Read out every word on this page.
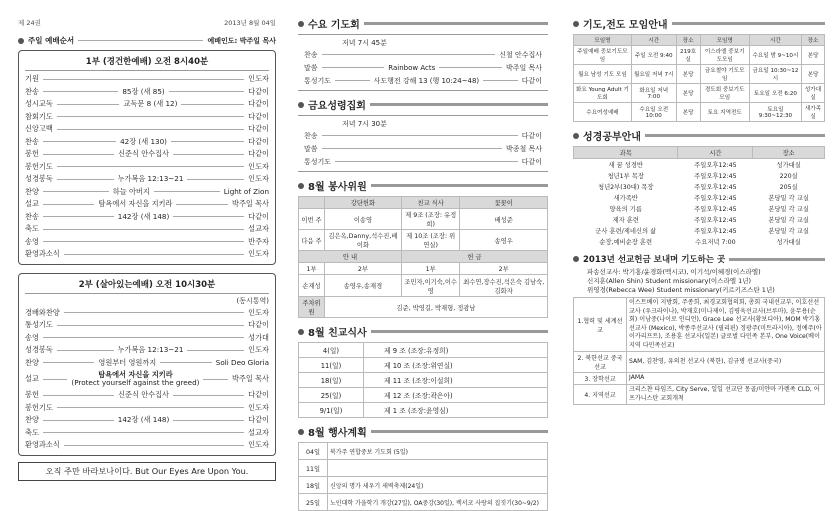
제 24권	2013년 8월 04일
주일 예배순서	예배인도: 박주일 목사
1부 (경건한예배) 오전 8시40분
기원	인도자
찬송	85장 (새 85)	다같이
성시교독	교독문 8 (새 12)	다같이
참회기도	다같이
신앙고백	다같이
찬송	42장 (새 130)	다같이
봉헌	신준식 안수집사	다같이
봉헌기도	인도자
성경봉독	누가복음 12:13~21	인도자
찬양	하늘 아버지	Light of Zion
설교	탐욕에서 자신을 지키라	박주일 목사
찬송	142장 (새 148)	다같이
축도	설교자
송영	반주자
환영과소식	인도자
2부 (살아있는예배) 오전 10시30분
(동시통역)
경배와찬양	인도자
통성기도	다같이
송영	성가대
성경봉독	누가복음 12:13~21	인도자
찬양	영원부터 영원까지	Soli Deo Gloria
설교	탐욕에서 자신을 지키라
(Protect yourself against the greed)	박주일 목사
봉헌	신준식 안수집사	다같이
봉헌기도	인도자
찬양	142장 (새 148)	다같이
축도	설교자
환영과소식	인도자
오직 주만 바라보나이다. But Our Eyes Are Upon You.
수요 기도회
저녁 7시 45분
찬송	신철 안수집사
말씀	Rainbow Acts	박주일 목사
통성기도	사도행전 강해 13 (행 10:24~48)	다같이
금요성령집회
저녁 7시 30분
찬송	다같이
말씀	박종철 목사
통성기도	다같이
8월 봉사위원
	강단헌화	친교 식사	꽃꽂이
이번 주	이송영	제 9조 (조장: 유정희)	배성준
다음 주	김은옥,Danny,석수진,배이화	제 10조 (조장: 위연실)	송영우
안 내		헌 금	
1부	2부	1부	2부
손재성	송영우,송재경	조민자,이기숙,이수영	최수연,장수진,석은숙 김남숙,김화자
주차위원	김준, 박영길, 박재형, 정광남		
8월 친교식사
4(일)	제 9 조 (조장:유정희)
11(일)	제 10 조 (조장:위연실)
18(일)	제 11 조 (조장:이설희)
25(일)	제 12 조 (조장:곽은아)
9/1(일)	제 1 조 (조장:윤영심)
8월 행사계획
04일	북가주 연합중보 기도회 (5일)
11일	
18일	신앙의 명가 세우기 새벽축제(24일)
25일	노인대학 가을학기 개강(27일), OA중강(30일), 렉서코 사랑의 집짓기(30~9/2)
기도,전도 모임안내
모임명	시간	장소	모임명	시간	장소
주일예배 중보기도모임	주일 오전 9:40	219호실	이스라엘 중보기도모임	수요일 밤 9~10시	본당
월요 남성 기도 모임	월요일 저녁 7시	본당	금요철야 기도모임	금요일 10:30~12시	본당
화요 Young Adult 기도회	화요일 저녁7:00	본당	경도회 중보기도모임	토요일 오전 6:20	성가대실
수요여성예배	수요일 오전 10:00	본당	토요 지역전도	토요일 9:30~12:30	새가족실
성경공부안내
과목	시간	장소
새 꿈 성경반	주일오후12:45	성가대실
청년1부 목장	주일오후12:45	220실
청년2부(30대) 목장	주일오후12:45	205실
새가족반	주일오후12:45	본당밑 각 교실
양육의 기름	주일오후12:45	본당밑 각 교실
제자 훈련	주일오후12:45	본당밑 각 교실
군사 훈련/제네신의 삶	주일오후12:45	본당밑 각 교실
순장,예비순장 훈련	수요저녁 7:00	성가대실
2013년 선교헌금 보내며 기도하는 곳
파송선교사: 박기홍/윤경화(멕시코), 이기석/이혜경(이스라엘)
신지훈(Allen Shin) Student missionary(이스라엘 1년)
위영경(Rebecca Wee) Student missionary(키르키즈스탄 1년)
1.협력 및 세계선교	이스트베이 지방회, 주종희, 최경교회협의회, 총회 국내선교부, 이호선선교사 (우크라이나), 박재호(미나제이, 김평욱선교사(브루마), 윤무용(순회) 이남중(나이로 인디언), Grace Lee 선교사(황보디아), MOM 박기홍선교사 (Mexico), 박종주선교사 (필리핀) 정광주(미트라시아), 정예주(아이카리프트), 조용훈 선교사(일본) 글로벌 다민족 본부, One Voice(베이지역 다민족선교)
2. 북한선교 중국선교	SAM, 김찬영, 유의천 선교사 (북한), 김규병 선교사(중국)
3. 장학선교	JAMA
4. 지역선교	크리스챤 타임즈, City Serve, 일일 선교단 몽골/미얀마 카렌족 CLD, 어프가니스탄 교회개척
